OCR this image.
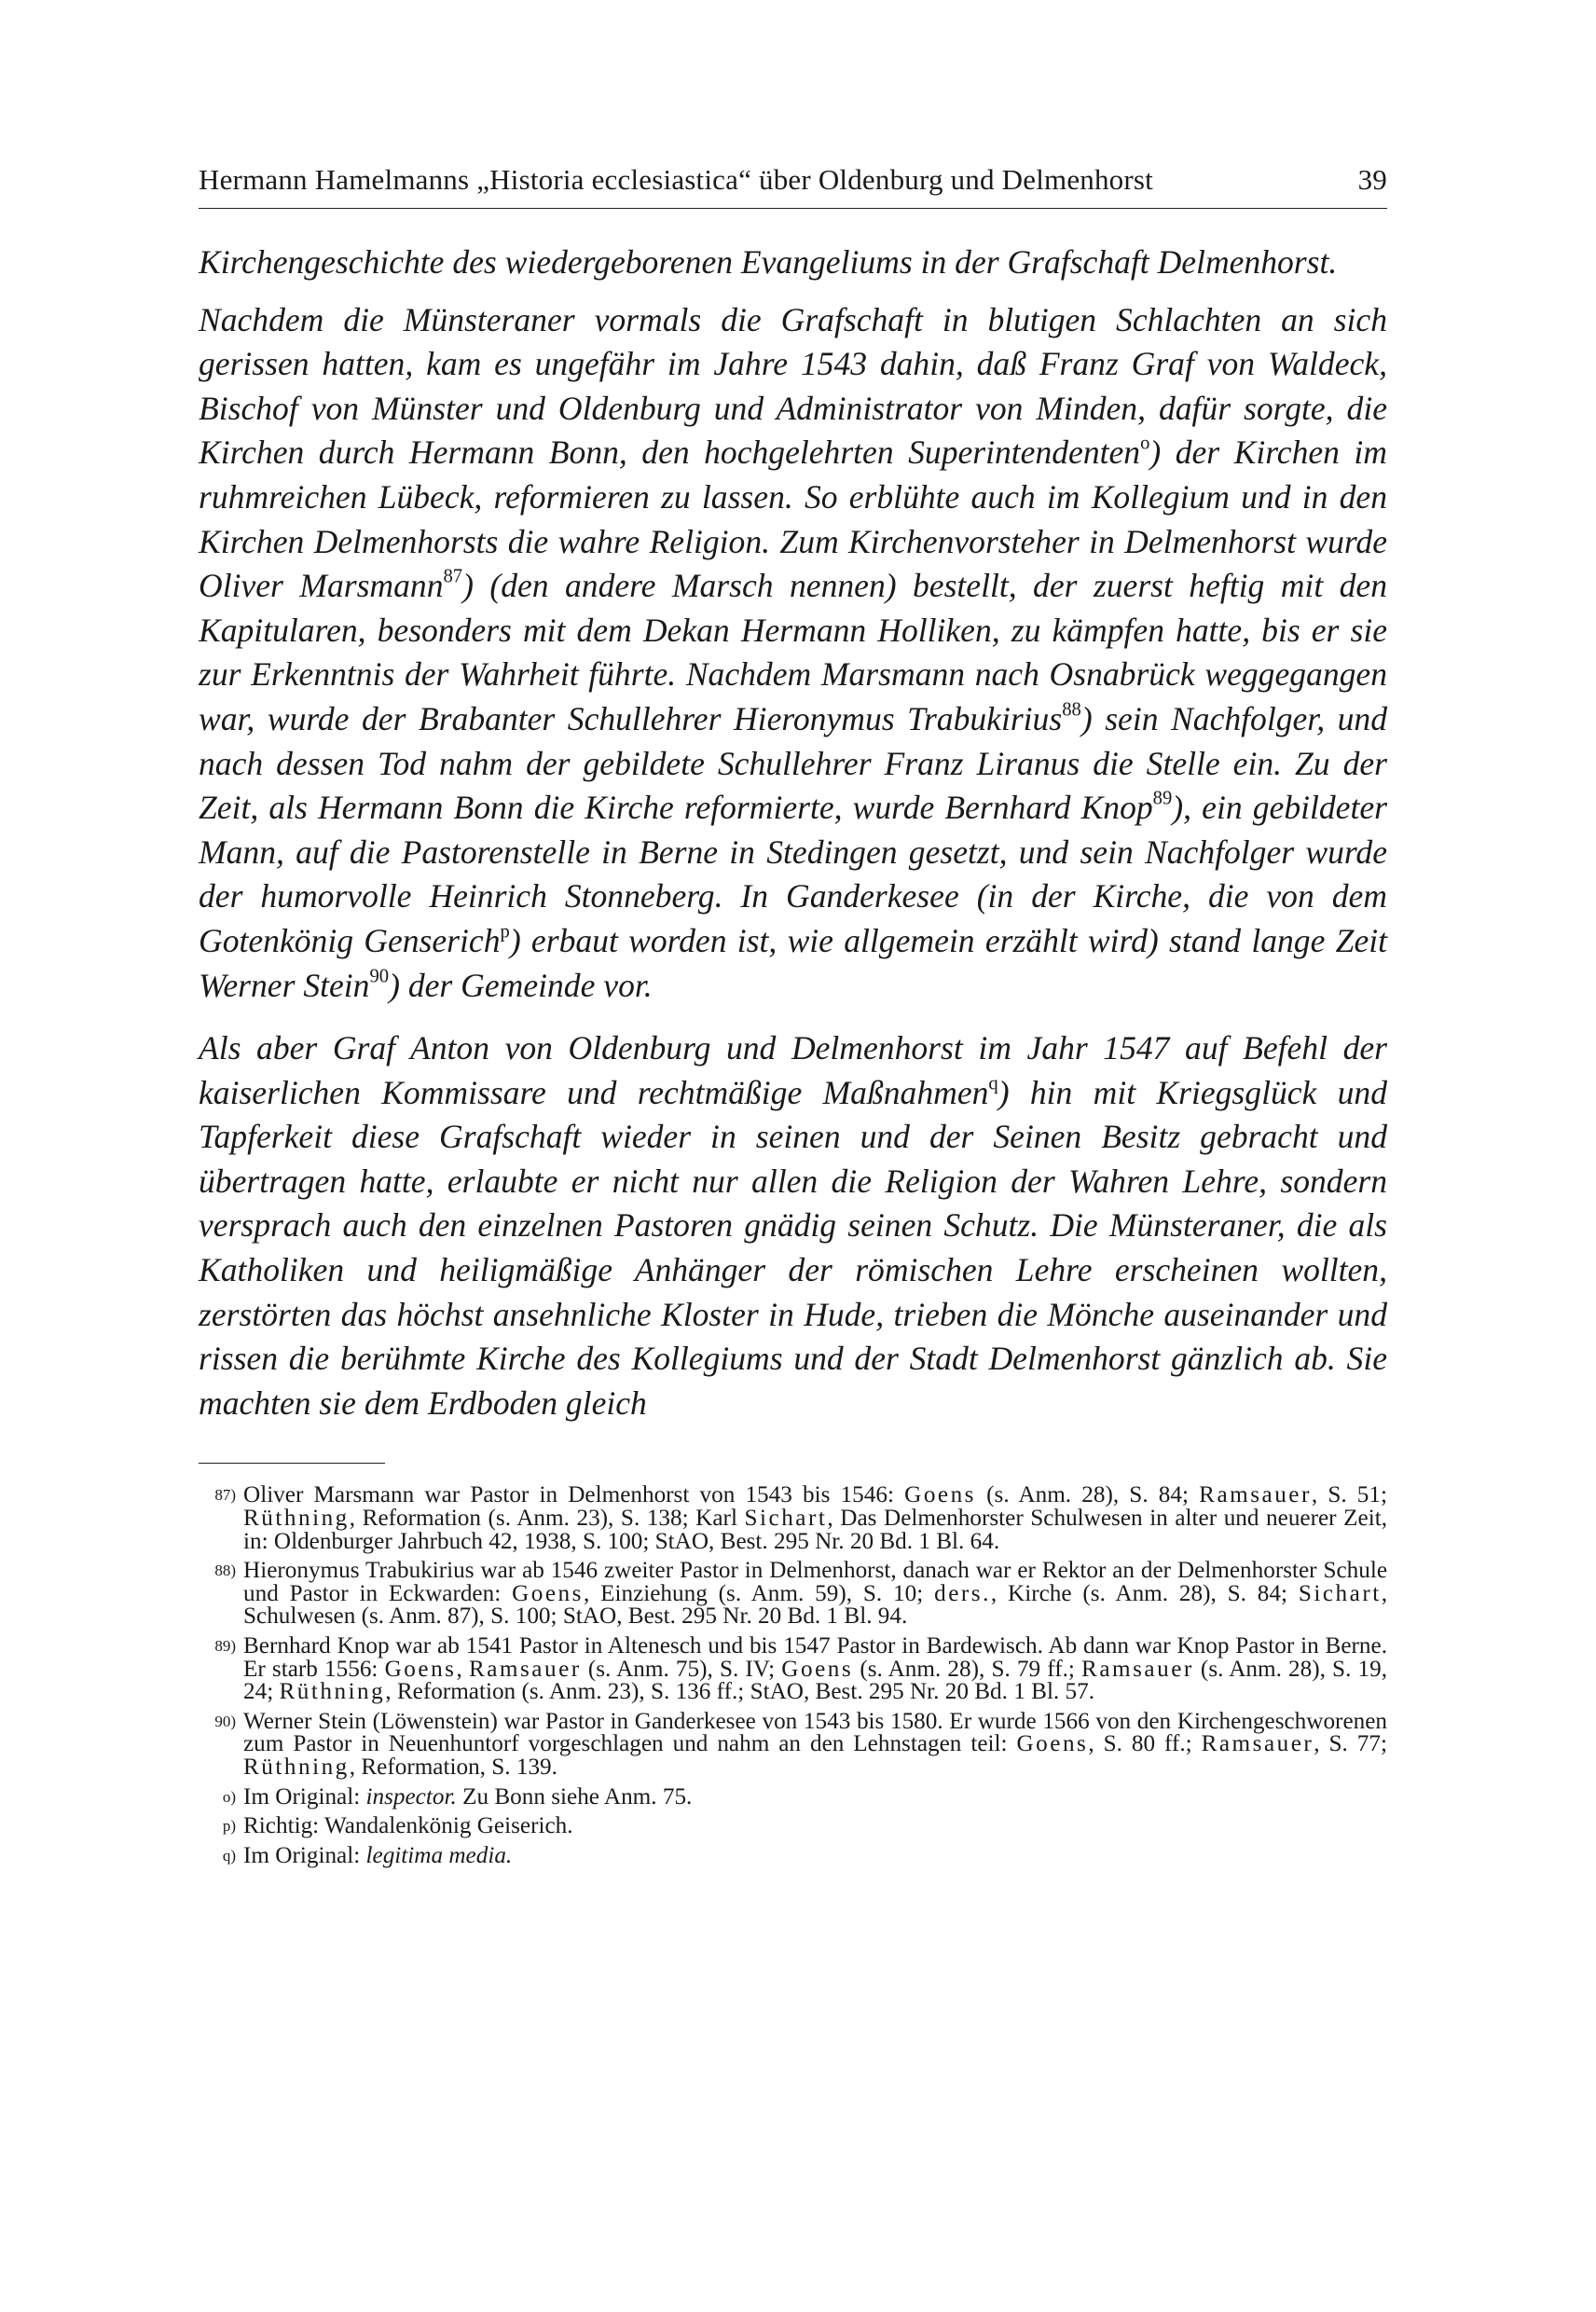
Hermann Hamelmanns „Historia ecclesiastica“ über Oldenburg und Delmenhorst	39

Kirchengeschichte des wiedergeborenen Evangeliums in der Grafschaft Delmenhorst.

Nachdem die Münsteraner vormals die Grafschaft in blutigen Schlachten an sich gerissen hatten, kam es ungefähr im Jahre 1543 dahin, daß Franz Graf von Waldeck, Bischof von Münster und Oldenburg und Administrator von Minden, dafür sorgte, die Kirchen durch Hermann Bonn, den hochgelehrten Superintendenten$^o$) der Kirchen im ruhmreichen Lübeck, reformieren zu lassen. So erblühte auch im Kollegium und in den Kirchen Delmenhorsts die wahre Religion. Zum Kirchenvorsteher in Delmenhorst wurde Oliver Marsmann$^{87}$) (den andere Marsch nennen) bestellt, der zuerst heftig mit den Kapitularen, besonders mit dem Dekan Hermann Holliken, zu kämpfen hatte, bis er sie zur Erkenntnis der Wahrheit führte. Nachdem Marsmann nach Osnabrück weggegangen war, wurde der Brabanter Schullehrer Hieronymus Trabukirius$^{88}$) sein Nachfolger, und nach dessen Tod nahm der gebildete Schullehrer Franz Liranus die Stelle ein. Zu der Zeit, als Hermann Bonn die Kirche reformierte, wurde Bernhard Knop$^{89}$), ein gebildeter Mann, auf die Pastorenstelle in Berne in Stedingen gesetzt, und sein Nachfolger wurde der humorvolle Heinrich Stonneberg. In Ganderkesee (in der Kirche, die von dem Gotenkönig Genserich$^p$) erbaut worden ist, wie allgemein erzählt wird) stand lange Zeit Werner Stein$^{90}$) der Gemeinde vor.

Als aber Graf Anton von Oldenburg und Delmenhorst im Jahr 1547 auf Befehl der kaiserlichen Kommissare und rechtmäßige Maßnahmen$^q$) hin mit Kriegsglück und Tapferkeit diese Grafschaft wieder in seinen und der Seinen Besitz gebracht und übertragen hatte, erlaubte er nicht nur allen die Religion der Wahren Lehre, sondern versprach auch den einzelnen Pastoren gnädig seinen Schutz. Die Münsteraner, die als Katholiken und heiligmäßige Anhänger der römischen Lehre erscheinen wollten, zerstörten das höchst ansehnliche Kloster in Hude, trieben die Mönche auseinander und rissen die berühmte Kirche des Kollegiums und der Stadt Delmenhorst gänzlich ab. Sie machten sie dem Erdboden gleich

87) Oliver Marsmann war Pastor in Delmenhorst von 1543 bis 1546: Goens (s. Anm. 28), S. 84; Ramsauer, S. 51; Rüthning, Reformation (s. Anm. 23), S. 138; Karl Sichart, Das Delmenhorster Schulwesen in alter und neuerer Zeit, in: Oldenburger Jahrbuch 42, 1938, S. 100; StAO, Best. 295 Nr. 20 Bd. 1 Bl. 64.
88) Hieronymus Trabukirius war ab 1546 zweiter Pastor in Delmenhorst, danach war er Rektor an der Delmenhorster Schule und Pastor in Eckwarden: Goens, Einziehung (s. Anm. 59), S. 10; ders., Kirche (s. Anm. 28), S. 84; Sichart, Schulwesen (s. Anm. 87), S. 100; StAO, Best. 295 Nr. 20 Bd. 1 Bl. 94.
89) Bernhard Knop war ab 1541 Pastor in Altenesch und bis 1547 Pastor in Bardewisch. Ab dann war Knop Pastor in Berne. Er starb 1556: Goens, Ramsauer (s. Anm. 75), S. IV; Goens (s. Anm. 28), S. 79 ff.; Ramsauer (s. Anm. 28), S. 19, 24; Rüthning, Reformation (s. Anm. 23), S. 136 ff.; StAO, Best. 295 Nr. 20 Bd. 1 Bl. 57.
90) Werner Stein (Löwenstein) war Pastor in Ganderkesee von 1543 bis 1580. Er wurde 1566 von den Kirchengeschworenen zum Pastor in Neuenhuntorf vorgeschlagen und nahm an den Lehnstagen teil: Goens, S. 80 ff.; Ramsauer, S. 77; Rüthning, Reformation, S. 139.
o) Im Original: inspector. Zu Bonn siehe Anm. 75.
p) Richtig: Wandalenkönig Geiserich.
q) Im Original: legitima media.
